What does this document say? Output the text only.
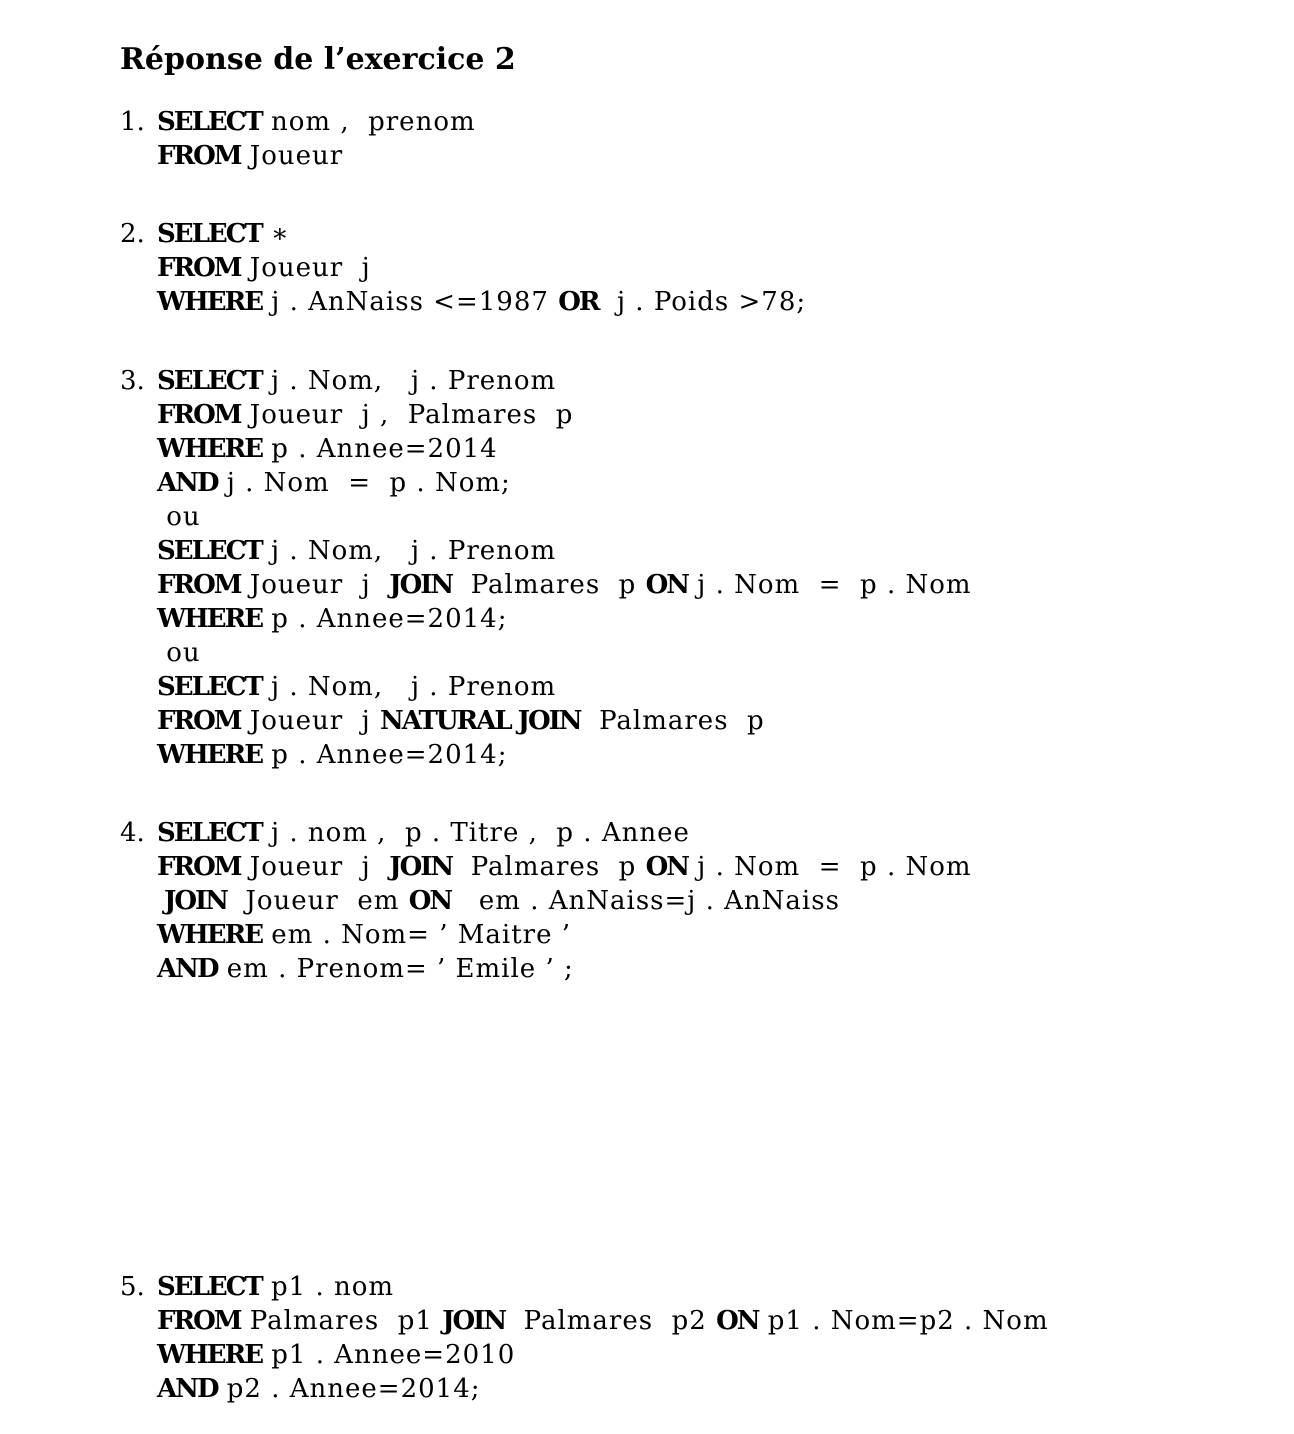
Réponse de l’exercice 2
1. SELECT nom ,  prenom
FROM Joueur
2. SELECT ∗
FROM Joueur  j
WHERE j . AnNaiss <=1987 OR  j . Poids >78;
3. SELECT j . Nom,   j . Prenom
FROM Joueur  j ,  Palmares  p
WHERE p . Annee=2014
AND j . Nom  =  p . Nom;
ou
SELECT j . Nom,   j . Prenom
FROM Joueur  j  JOIN  Palmares  p ON j . Nom  =  p . Nom
WHERE p . Annee=2014;
ou
SELECT j . Nom,   j . Prenom
FROM Joueur  j NATURAL JOIN  Palmares  p
WHERE p . Annee=2014;
4. SELECT j . nom ,  p . Titre ,  p . Annee
FROM Joueur  j  JOIN  Palmares  p ON j . Nom  =  p . Nom
JOIN  Joueur  em ON   em . AnNaiss=j . AnNaiss
WHERE em . Nom= ’ Maitre ’
AND em . Prenom= ’ Emile ’ ;
5. SELECT p1 . nom
FROM Palmares  p1 JOIN  Palmares  p2 ON p1 . Nom=p2 . Nom
WHERE p1 . Annee=2010
AND p2 . Annee=2014;
